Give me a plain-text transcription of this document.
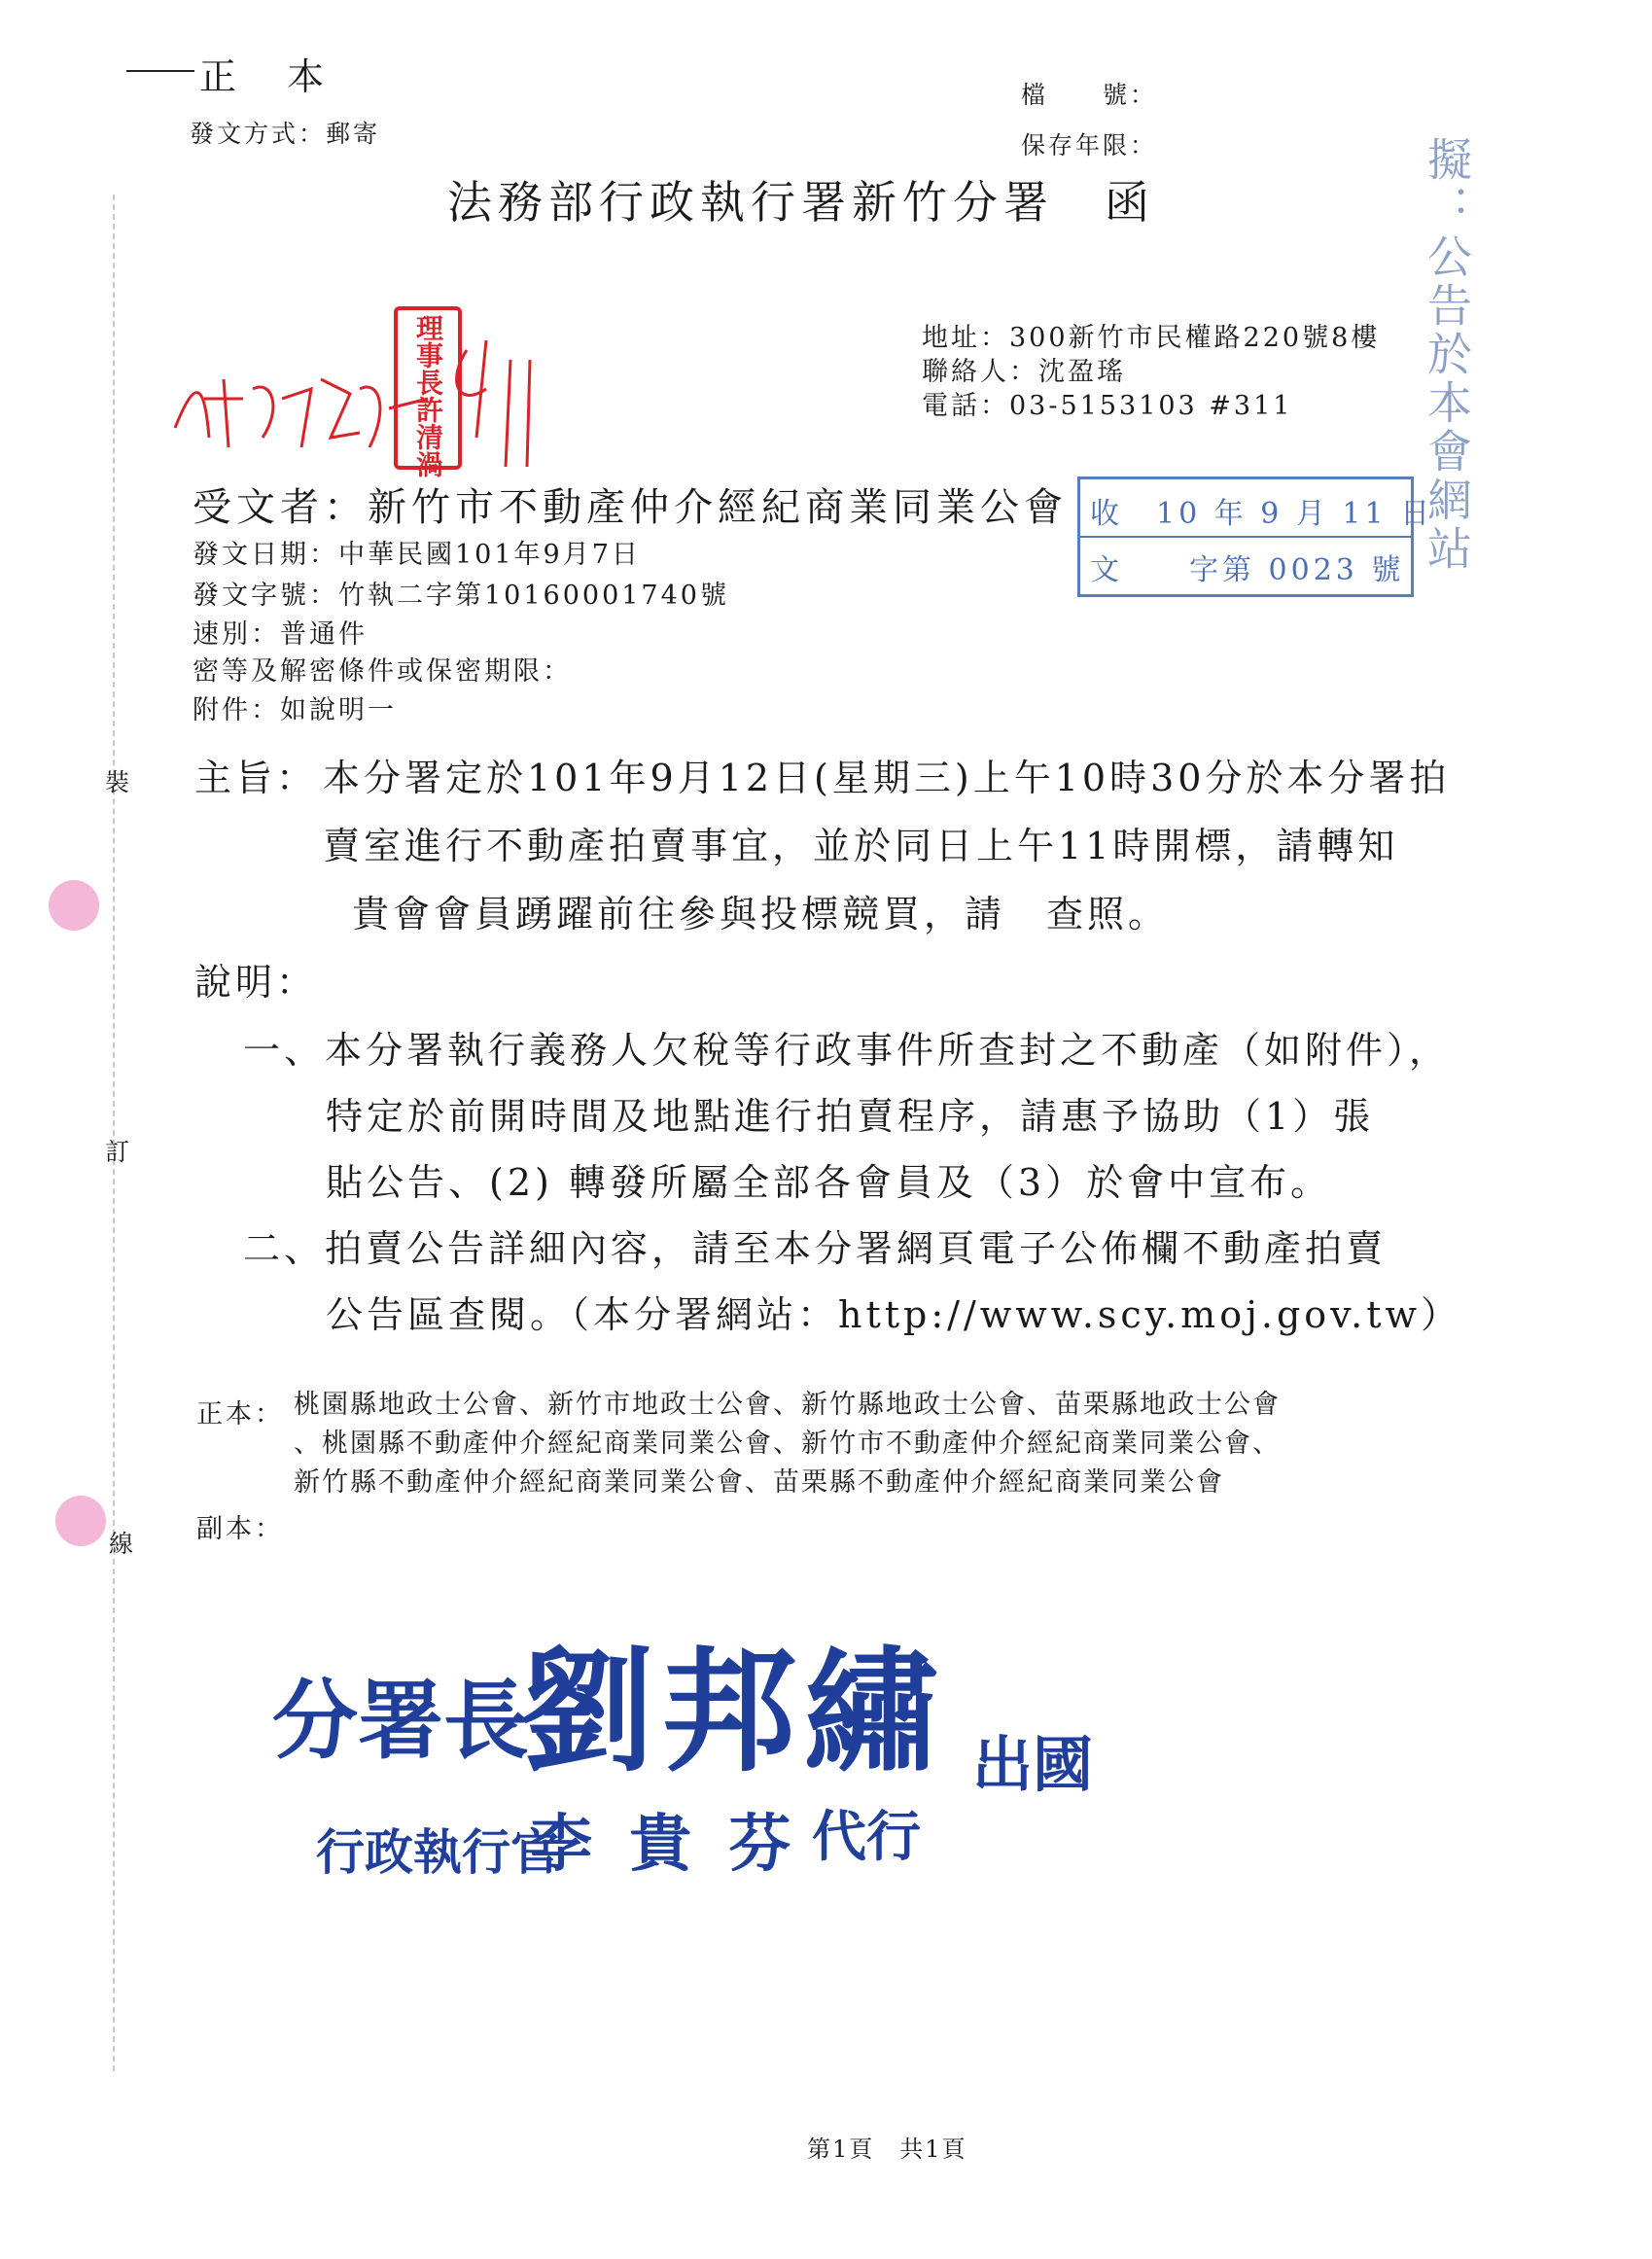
裝
訂
線
正 本
發文方式：郵寄
檔　　號：
保存年限：
法務部行政執行署新竹分署　函	擬：公告於本會網站
地址：300新竹市民權路220號8樓
聯絡人：沈盈瑤
電話：03-5153103 #311
理事長許清渦
受文者：新竹市不動產仲介經紀商業同業公會 收　10 年 9 月 11 日
文　　字第 0023 號
發文日期：中華民國101年9月7日
發文字號：竹執二字第10160001740號
速別：普通件
密等及解密條件或保密期限：
附件：如說明一
主旨： 本分署定於101年9月12日(星期三)上午10時30分於本分署拍
賣室進行不動產拍賣事宜，並於同日上午11時開標，請轉知
貴會會員踴躍前往參與投標競買，請　查照。
說明：
一、本分署執行義務人欠稅等行政事件所查封之不動產（如附件），
特定於前開時間及地點進行拍賣程序，請惠予協助（1）張
貼公告、(2) 轉發所屬全部各會員及（3）於會中宣布。
二、拍賣公告詳細內容，請至本分署網頁電子公佈欄不動產拍賣
公告區查閱。（本分署網站：http://www.scy.moj.gov.tw）
正本： 桃園縣地政士公會、新竹市地政士公會、新竹縣地政士公會、苗栗縣地政士公會
、桃園縣不動產仲介經紀商業同業公會、新竹市不動產仲介經紀商業同業公會、
新竹縣不動產仲介經紀商業同業公會、苗栗縣不動產仲介經紀商業同業公會
副本：
分署長
劉邦繡 出國
行政執行官
李 貴 芬 代行
第1頁　共1頁
